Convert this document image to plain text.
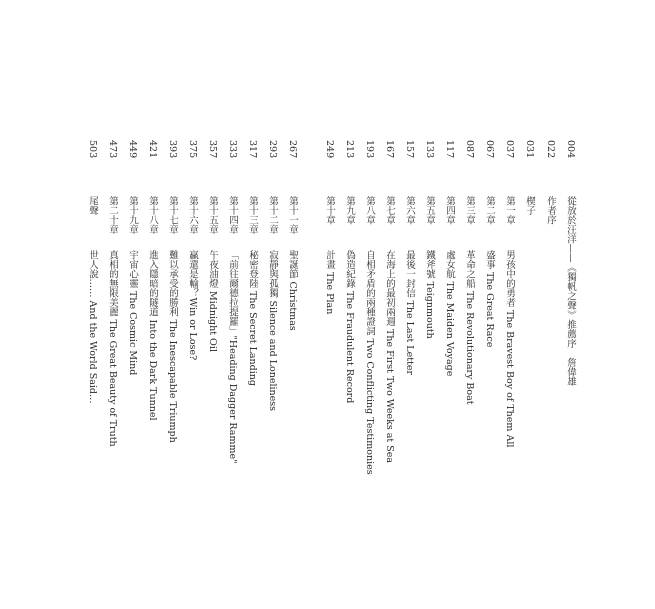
004
從放於汪洋——《獨帆之聲》推薦序　詹偉雄
022
作者序
031
楔子
037
第一章
男孩中的勇者 The Bravest Boy of Them All
067
第二章
盛事 The Great Race
087
第三章
革命之船 The Revolutionary Boat
117
第四章
處女航 The Maiden Voyage
133
第五章
鐵斧號 Teignmouth
157
第六章
最後一封信 The Last Letter
167
第七章
在海上的最初兩週 The First Two Weeks at Sea
193
第八章
自相矛盾的兩種證詞 Two Conflicting Testimonies
213
第九章
偽造紀錄 The Fraudulent Record
249
第十章
計畫 The Plan
267
第十一章
聖誕節 Christmas
293
第十二章
寂靜與孤獨 Silence and Loneliness
317
第十三章
秘密登陸 The Secret Landing
333
第十四章
「前往爾德拉提羅」"Heading Dagger Ramme"
357
第十五章
午夜油燈 Midnight Oil
375
第十六章
贏還是輸？Win or Lose?
393
第十七章
難以承受的勝利 The Inescapable Triumph
421
第十八章
進入隱暗的隧道 Into the Dark Tunnel
449
第十九章
宇宙心靈 The Cosmic Mind
473
第二十章
真相的無限美麗 The Great Beauty of Truth
503
尾聲
世人說…… And the World Said…
